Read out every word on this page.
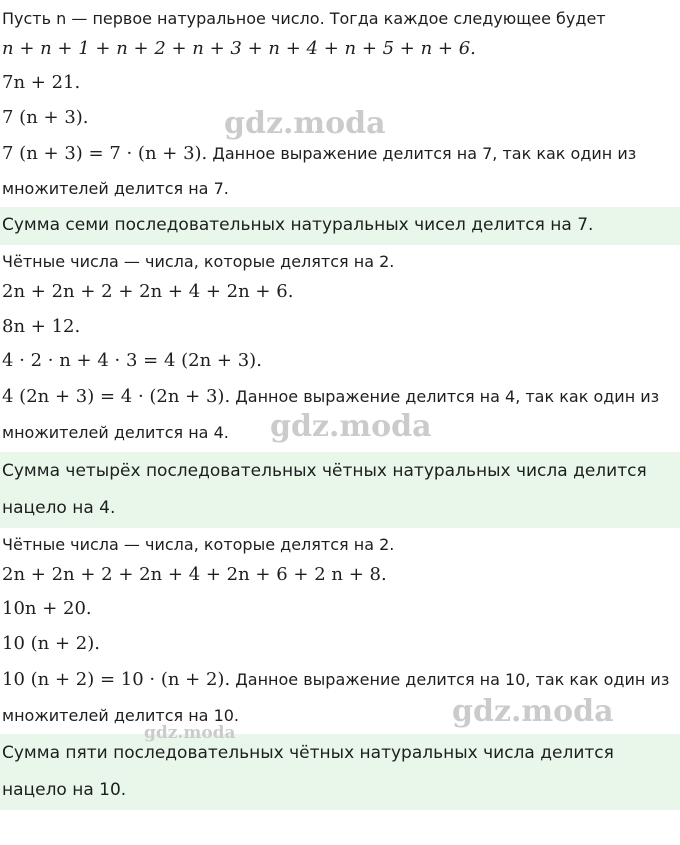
Пусть n — первое натуральное число. Тогда каждое следующее будет
n + n + 1 + n + 2 + n + 3 + n + 4 + n + 5 + n + 6.
7n + 21.
7 (n + 3).
7 (n + 3) = 7 · (n + 3). Данное выражение делится на 7, так как один из
множителей делится на 7.
Сумма семи последовательных натуральных чисел делится на 7.
Чётные числа — числа, которые делятся на 2.
2n + 2n + 2 + 2n + 4 + 2n + 6.
8n + 12.
4 · 2 · n + 4 · 3 = 4 (2n + 3).
4 (2n + 3) = 4 · (2n + 3). Данное выражение делится на 4, так как один из
множителей делится на 4.
Сумма четырёх последовательных чётных натуральных числа делится
нацело на 4.
Чётные числа — числа, которые делятся на 2.
2n + 2n + 2 + 2n + 4 + 2n + 6 + 2 n + 8.
10n + 20.
10 (n + 2).
10 (n + 2) = 10 · (n + 2). Данное выражение делится на 10, так как один из
множителей делится на 10.
Сумма пяти последовательных чётных натуральных числа делится
нацело на 10.
gdz.moda
gdz.moda
gdz.moda
gdz.moda
